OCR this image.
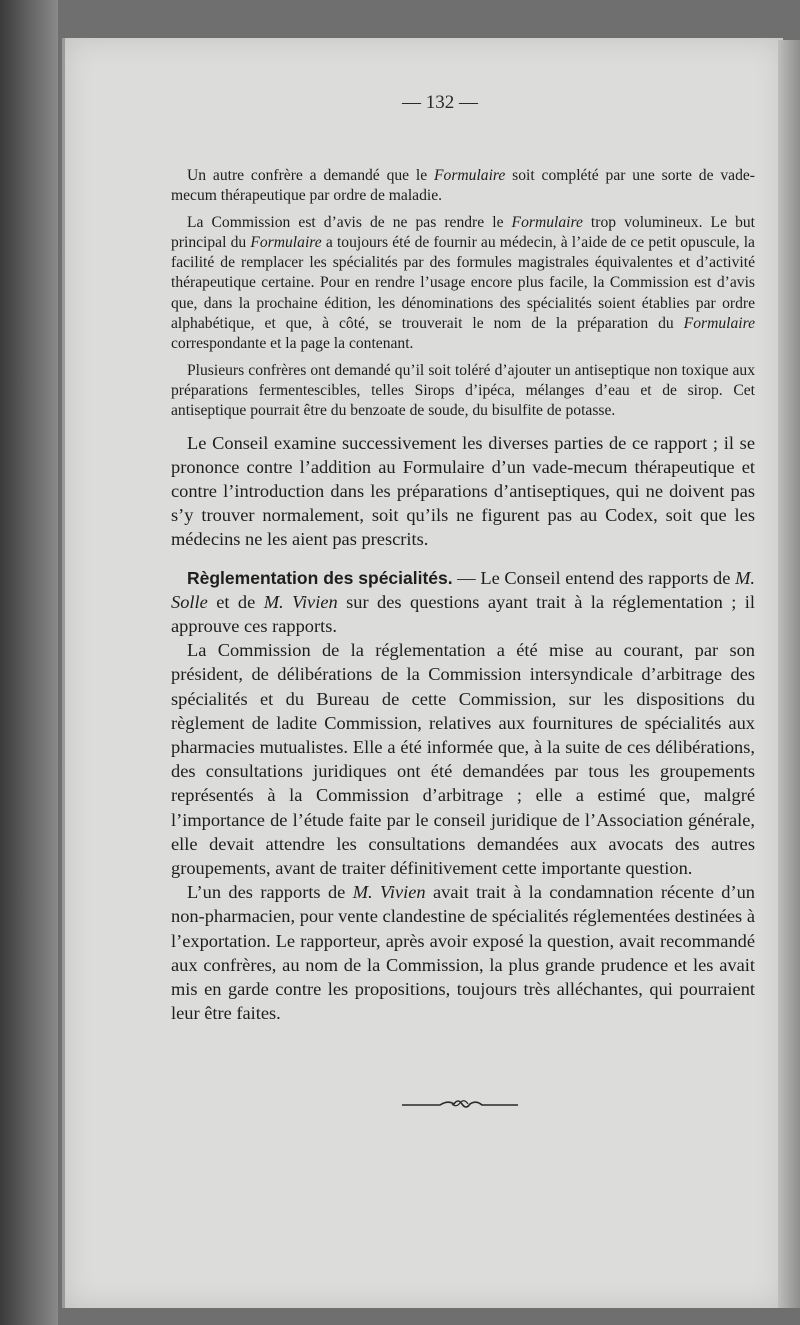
— 132 —

Un autre confrère a demandé que le Formulaire soit complété par une sorte de vade-mecum thérapeutique par ordre de maladie.

La Commission est d’avis de ne pas rendre le Formulaire trop volumineux. Le but principal du Formulaire a toujours été de fournir au médecin, à l’aide de ce petit opuscule, la facilité de remplacer les spécialités par des formules magistrales équivalentes et d’activité thérapeutique certaine. Pour en rendre l’usage encore plus facile, la Commission est d’avis que, dans la prochaine édition, les dénominations des spécialités soient établies par ordre alphabétique, et que, à côté, se trouverait le nom de la préparation du Formulaire correspondante et la page la contenant.

Plusieurs confrères ont demandé qu’il soit toléré d’ajouter un antiseptique non toxique aux préparations fermentescibles, telles Sirops d’ipéca, mélanges d’eau et de sirop. Cet antiseptique pourrait être du benzoate de soude, du bisulfite de potasse.

Le Conseil examine successivement les diverses parties de ce rapport ; il se prononce contre l’addition au Formulaire d’un vade-mecum thérapeutique et contre l’introduction dans les préparations d’antiseptiques, qui ne doivent pas s’y trouver normalement, soit qu’ils ne figurent pas au Codex, soit que les médecins ne les aient pas prescrits.

Règlementation des spécialités. — Le Conseil entend des rapports de M. Solle et de M. Vivien sur des questions ayant trait à la réglementation ; il approuve ces rapports.

La Commission de la réglementation a été mise au courant, par son président, de délibérations de la Commission intersyndicale d’arbitrage des spécialités et du Bureau de cette Commission, sur les dispositions du règlement de ladite Commission, relatives aux fournitures de spécialités aux pharmacies mutualistes. Elle a été informée que, à la suite de ces délibérations, des consultations juridiques ont été demandées par tous les groupements représentés à la Commission d’arbitrage ; elle a estimé que, malgré l’importance de l’étude faite par le conseil juridique de l’Association générale, elle devait attendre les consultations demandées aux avocats des autres groupements, avant de traiter définitivement cette importante question.

L’un des rapports de M. Vivien avait trait à la condamnation récente d’un non-pharmacien, pour vente clandestine de spécialités réglementées destinées à l’exportation. Le rapporteur, après avoir exposé la question, avait recommandé aux confrères, au nom de la Commission, la plus grande prudence et les avait mis en garde contre les propositions, toujours très alléchantes, qui pourraient leur être faites.
